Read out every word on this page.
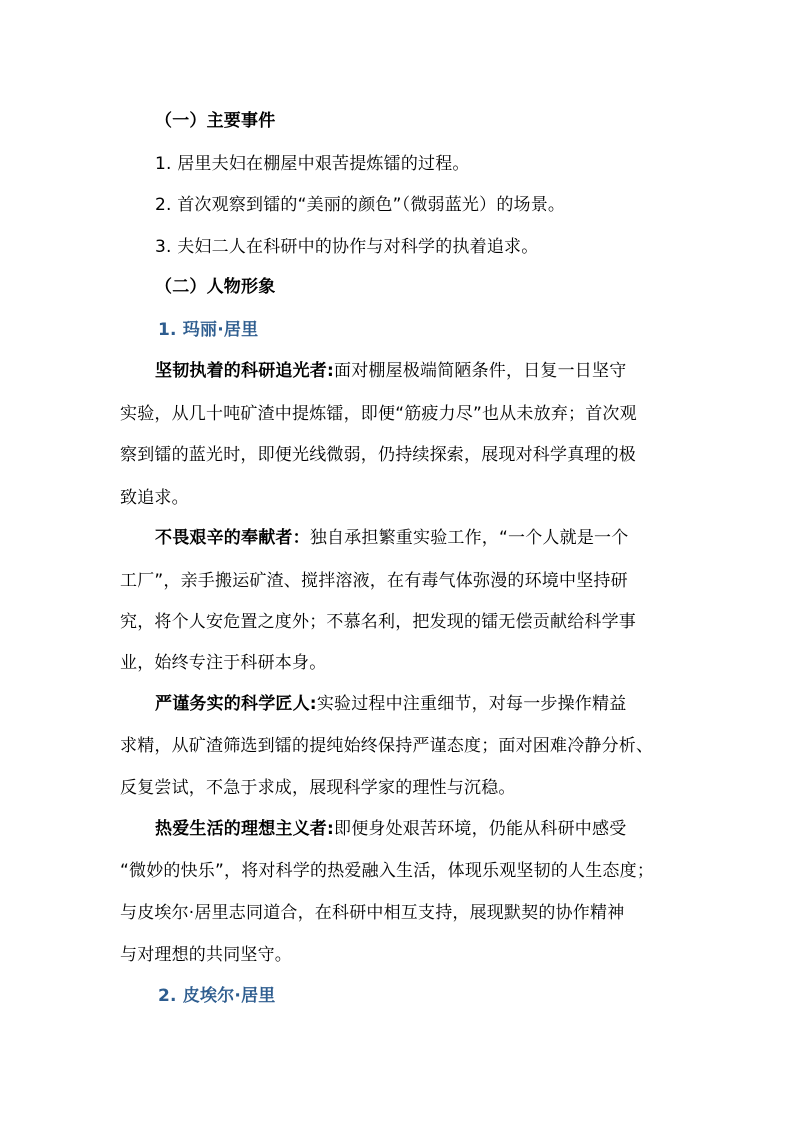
（一）主要事件
1. 居里夫妇在棚屋中艰苦提炼镭的过程。
2. 首次观察到镭的“美丽的颜色”（微弱蓝光）的场景。
3. 夫妇二人在科研中的协作与对科学的执着追求。
（二）人物形象
1. 玛丽·居里
坚韧执着的科研追光者:面对棚屋极端简陋条件，日复一日坚守
实验，从几十吨矿渣中提炼镭，即便“筋疲力尽”也从未放弃；首次观
察到镭的蓝光时，即便光线微弱，仍持续探索，展现对科学真理的极
致追求。
不畏艰辛的奉献者：独自承担繁重实验工作，“一个人就是一个
工厂”，亲手搬运矿渣、搅拌溶液，在有毒气体弥漫的环境中坚持研
究，将个人安危置之度外；不慕名利，把发现的镭无偿贡献给科学事
业，始终专注于科研本身。
严谨务实的科学匠人:实验过程中注重细节，对每一步操作精益
求精，从矿渣筛选到镭的提纯始终保持严谨态度；面对困难冷静分析、
反复尝试，不急于求成，展现科学家的理性与沉稳。
热爱生活的理想主义者:即便身处艰苦环境，仍能从科研中感受
“微妙的快乐”，将对科学的热爱融入生活，体现乐观坚韧的人生态度；
与皮埃尔·居里志同道合，在科研中相互支持，展现默契的协作精神
与对理想的共同坚守。
2. 皮埃尔·居里
